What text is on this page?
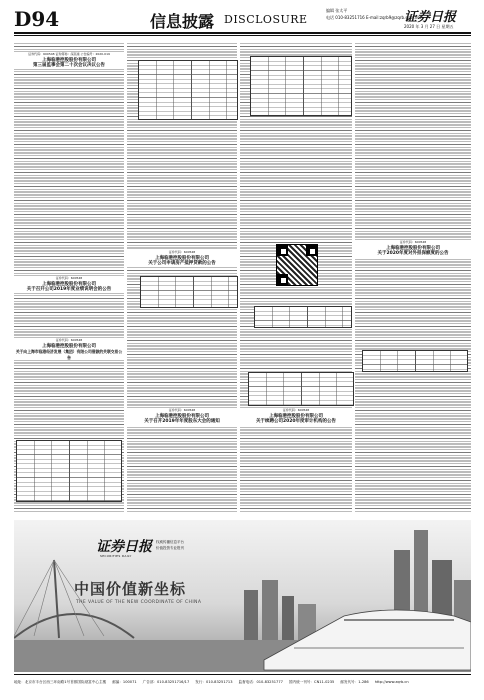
D94	信息披露 DISCLOSURE
编辑 张太平
电话 010-83251716 E-mail:zqrb9@zqrb.sina.net
证券日报
2020 年 3 月 27 日 星期五
证券代码：600548 证券简称：深高速 公告编号：2020-019
上海临港控股股份有限公司
第三届监事会第二十次会议决议公告
证券代码：600548
上海临港控股股份有限公司
关于召开公司2019年度业绩说明会的公告
证券代码：600548
上海临港控股股份有限公司
关于向上海市临港经济发展（集团）有限公司借款的关联交易公告
证券代码：600548
上海临港控股股份有限公司
关于公司申请房产抵押贷款的公告
证券代码：600548
上海临港控股股份有限公司
关于2020年度对外担保额度的公告
证券代码：600548
上海临港控股股份有限公司
关于召开2019年年度股东大会的通知
证券代码：600548
上海临港控股股份有限公司
关于续聘公司2020年度审计机构的公告
证券日报
SECURITIES DAILY
权威传播信息平台
价值投资专业报刊
中国价值新坐标
THE VALUE OF THE NEW COORDINATE OF CHINA
地址：北京市丰台区西三环南路1号首都国际财富中心主楼 邮编：100071 广告部：010-83251716/17 发行：010-83251713 监督电话：010-83251777 国内统一刊号：CN11-0235 邮发代号：1-286 http://www.zqrb.cn
